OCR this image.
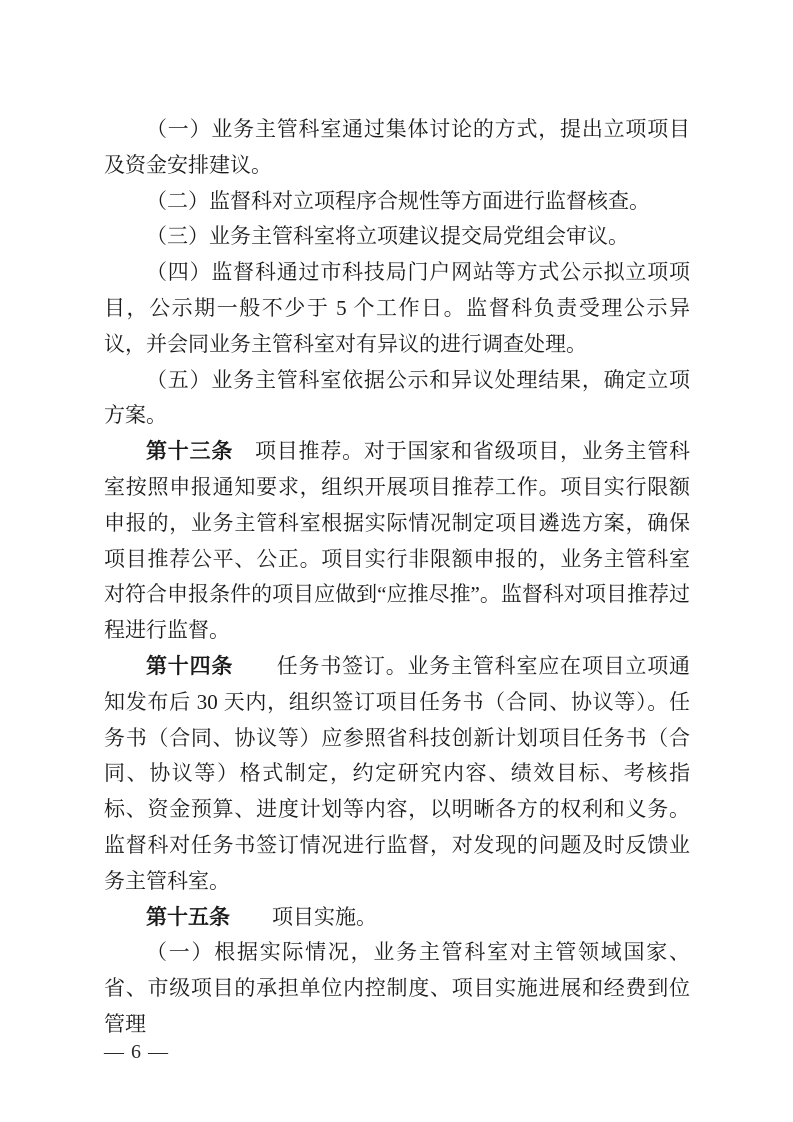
（一）业务主管科室通过集体讨论的方式，提出立项项目及资金安排建议。

（二）监督科对立项程序合规性等方面进行监督核查。

（三）业务主管科室将立项建议提交局党组会审议。

（四）监督科通过市科技局门户网站等方式公示拟立项项目，公示期一般不少于 5 个工作日。监督科负责受理公示异议，并会同业务主管科室对有异议的进行调查处理。

（五）业务主管科室依据公示和异议处理结果，确定立项方案。

第十三条　项目推荐。对于国家和省级项目，业务主管科室按照申报通知要求，组织开展项目推荐工作。项目实行限额申报的，业务主管科室根据实际情况制定项目遴选方案，确保项目推荐公平、公正。项目实行非限额申报的，业务主管科室对符合申报条件的项目应做到“应推尽推”。监督科对项目推荐过程进行监督。

第十四条　　任务书签订。业务主管科室应在项目立项通知发布后 30 天内，组织签订项目任务书（合同、协议等）。任务书（合同、协议等）应参照省科技创新计划项目任务书（合同、协议等）格式制定，约定研究内容、绩效目标、考核指标、资金预算、进度计划等内容，以明晰各方的权利和义务。监督科对任务书签订情况进行监督，对发现的问题及时反馈业务主管科室。

第十五条　　项目实施。

（一）根据实际情况，业务主管科室对主管领域国家、省、市级项目的承担单位内控制度、项目实施进展和经费到位管理

— 6 —
